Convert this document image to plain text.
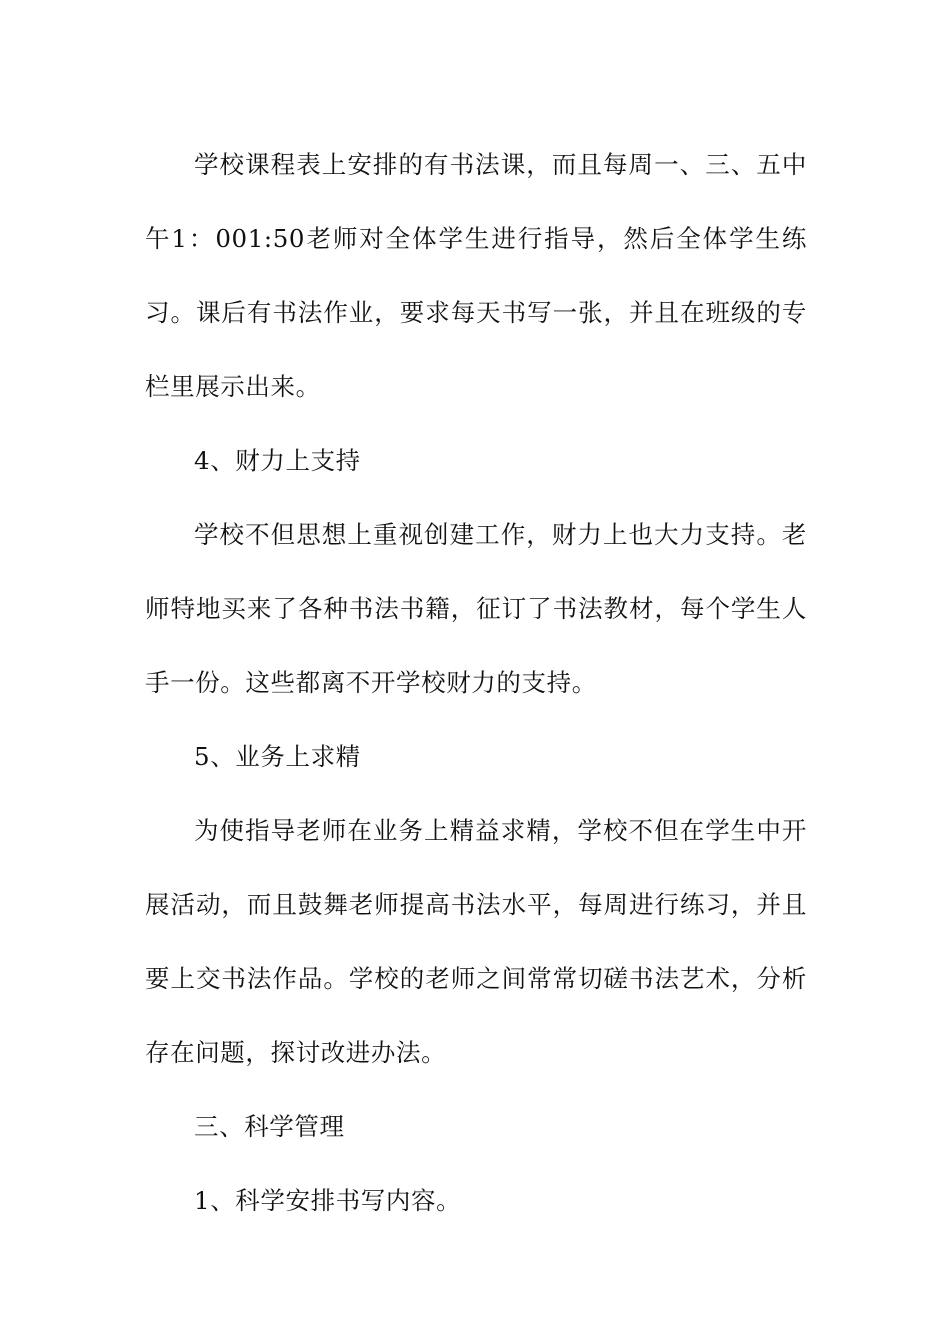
学校课程表上安排的有书法课，而且每周一、三、五中午1：001:50老师对全体学生进行指导，然后全体学生练习。课后有书法作业，要求每天书写一张，并且在班级的专栏里展示出来。

4、财力上支持

学校不但思想上重视创建工作，财力上也大力支持。老师特地买来了各种书法书籍，征订了书法教材，每个学生人手一份。这些都离不开学校财力的支持。

5、业务上求精

为使指导老师在业务上精益求精，学校不但在学生中开展活动，而且鼓舞老师提高书法水平，每周进行练习，并且要上交书法作品。学校的老师之间常常切磋书法艺术，分析存在问题，探讨改进办法。

三、科学管理

1、科学安排书写内容。
